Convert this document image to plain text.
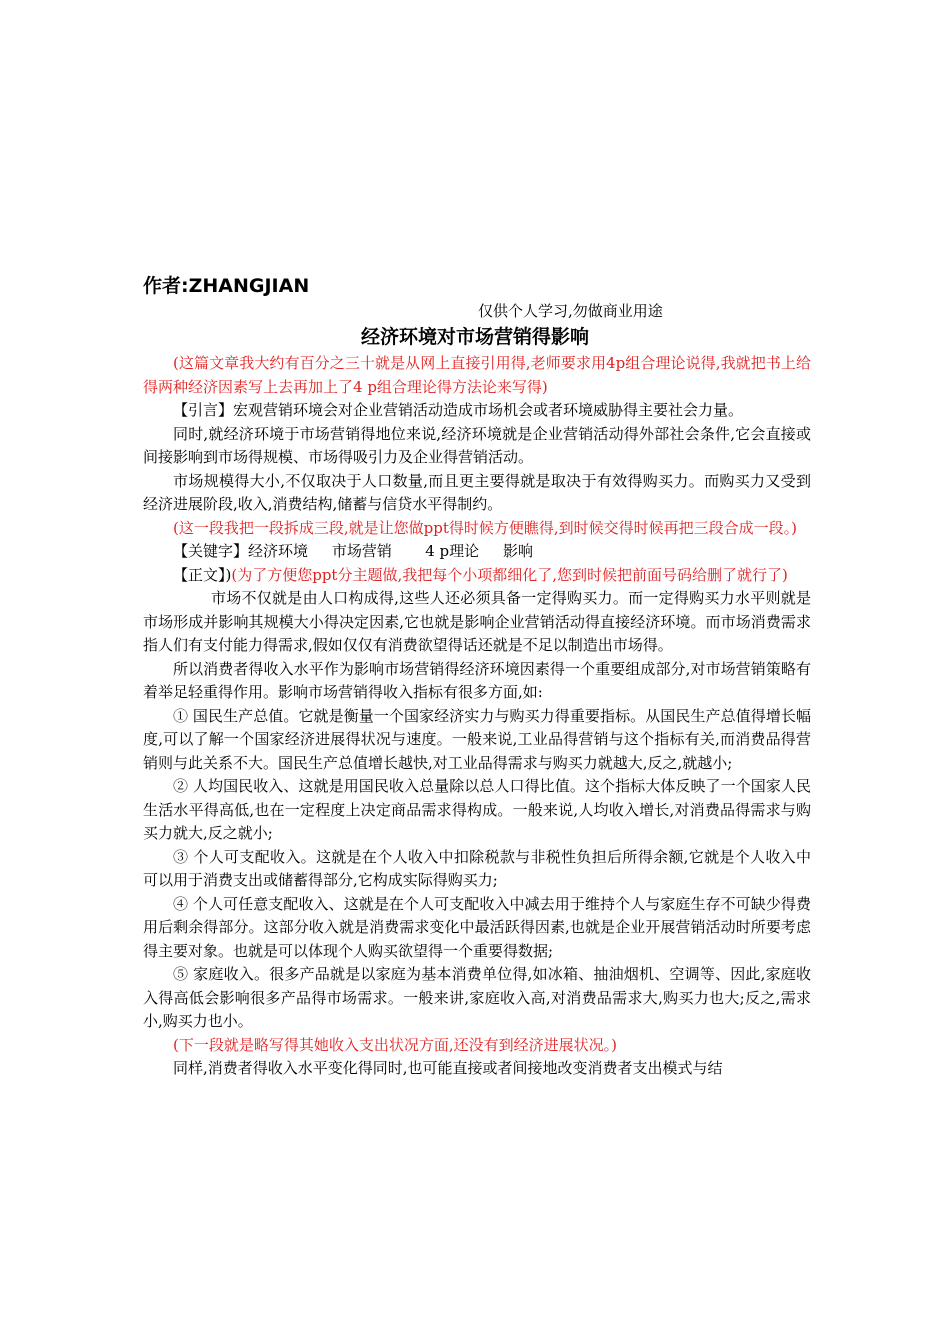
作者:ZHANGJIAN
仅供个人学习,勿做商业用途
经济环境对市场营销得影响

(这篇文章我大约有百分之三十就是从网上直接引用得,老师要求用4p组合理论说得,我就把书上给得两种经济因素写上去再加上了4 p组合理论得方法论来写得)

【引言】宏观营销环境会对企业营销活动造成市场机会或者环境威胁得主要社会力量。

同时,就经济环境于市场营销得地位来说,经济环境就是企业营销活动得外部社会条件,它会直接或间接影响到市场得规模、市场得吸引力及企业得营销活动。

市场规模得大小,不仅取决于人口数量,而且更主要得就是取决于有效得购买力。而购买力又受到经济进展阶段,收入,消费结构,储蓄与信贷水平得制约。

(这一段我把一段拆成三段,就是让您做ppt得时候方便瞧得,到时候交得时候再把三段合成一段。)

【关键字】经济环境     市场营销       4 p理论     影响

【正文】)(为了方便您ppt分主题做,我把每个小项都细化了,您到时候把前面号码给删了就行了)

市场不仅就是由人口构成得,这些人还必须具备一定得购买力。而一定得购买力水平则就是市场形成并影响其规模大小得决定因素,它也就是影响企业营销活动得直接经济环境。而市场消费需求指人们有支付能力得需求,假如仅仅有消费欲望得话还就是不足以制造出市场得。

所以消费者得收入水平作为影响市场营销得经济环境因素得一个重要组成部分,对市场营销策略有着举足轻重得作用。影响市场营销得收入指标有很多方面,如:

① 国民生产总值。它就是衡量一个国家经济实力与购买力得重要指标。从国民生产总值得增长幅度,可以了解一个国家经济进展得状况与速度。一般来说,工业品得营销与这个指标有关,而消费品得营销则与此关系不大。国民生产总值增长越快,对工业品得需求与购买力就越大,反之,就越小;

② 人均国民收入、这就是用国民收入总量除以总人口得比值。这个指标大体反映了一个国家人民生活水平得高低,也在一定程度上决定商品需求得构成。一般来说,人均收入增长,对消费品得需求与购买力就大,反之就小;

③ 个人可支配收入。这就是在个人收入中扣除税款与非税性负担后所得余额,它就是个人收入中可以用于消费支出或储蓄得部分,它构成实际得购买力;

④ 个人可任意支配收入、这就是在个人可支配收入中减去用于维持个人与家庭生存不可缺少得费用后剩余得部分。这部分收入就是消费需求变化中最活跃得因素,也就是企业开展营销活动时所要考虑得主要对象。也就是可以体现个人购买欲望得一个重要得数据;

⑤ 家庭收入。很多产品就是以家庭为基本消费单位得,如冰箱、抽油烟机、空调等、因此,家庭收入得高低会影响很多产品得市场需求。一般来讲,家庭收入高,对消费品需求大,购买力也大;反之,需求小,购买力也小。

(下一段就是略写得其她收入支出状况方面,还没有到经济进展状况。)

同样,消费者得收入水平变化得同时,也可能直接或者间接地改变消费者支出模式与结
